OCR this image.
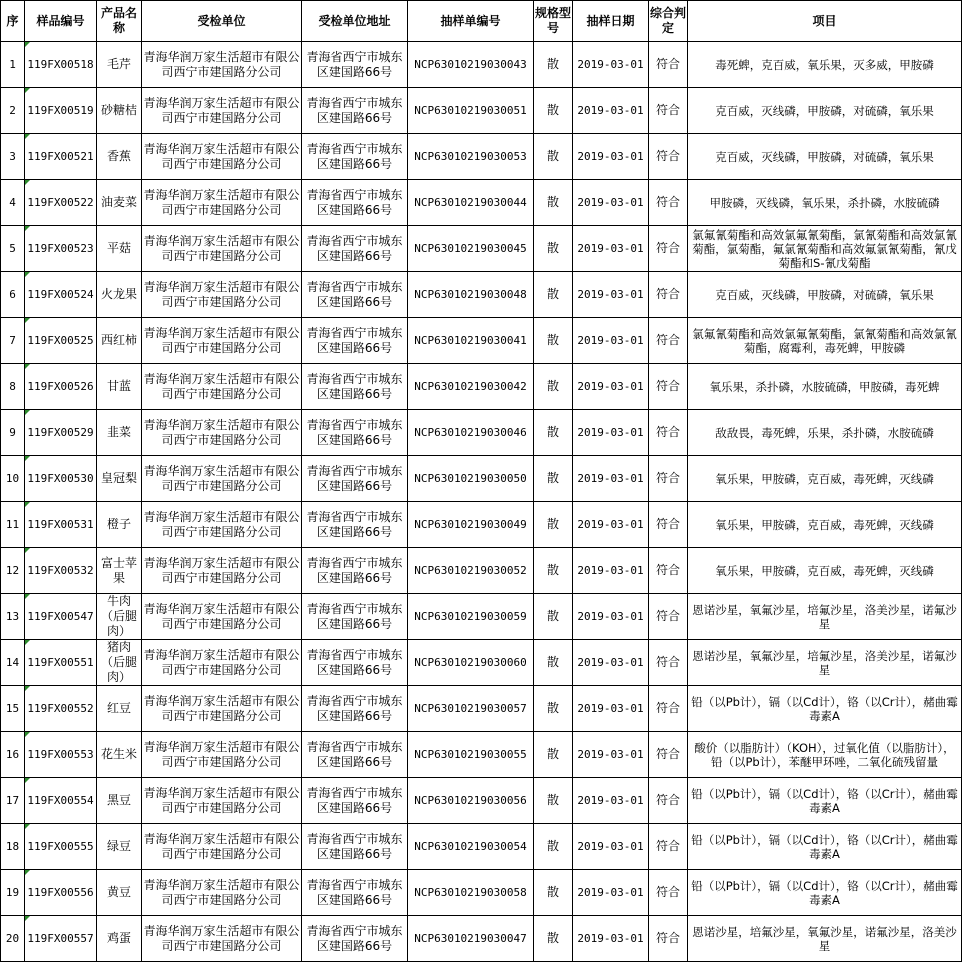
序	样品编号	产品名称	受检单位	受检单位地址	抽样单编号	规格型号	抽样日期	综合判定	项目
1	119FX00518	毛芹	青海华润万家生活超市有限公司西宁市建国路分公司	青海省西宁市城东区建国路66号	NCP63010219030043	散	2019-03-01	符合	毒死蜱，克百威，氧乐果，灭多威，甲胺磷
2	119FX00519	砂糖桔	青海华润万家生活超市有限公司西宁市建国路分公司	青海省西宁市城东区建国路66号	NCP63010219030051	散	2019-03-01	符合	克百威，灭线磷，甲胺磷，对硫磷，氧乐果
3	119FX00521	香蕉	青海华润万家生活超市有限公司西宁市建国路分公司	青海省西宁市城东区建国路66号	NCP63010219030053	散	2019-03-01	符合	克百威，灭线磷，甲胺磷，对硫磷，氧乐果
4	119FX00522	油麦菜	青海华润万家生活超市有限公司西宁市建国路分公司	青海省西宁市城东区建国路66号	NCP63010219030044	散	2019-03-01	符合	甲胺磷，灭线磷，氧乐果，杀扑磷，水胺硫磷
5	119FX00523	平菇	青海华润万家生活超市有限公司西宁市建国路分公司	青海省西宁市城东区建国路66号	NCP63010219030045	散	2019-03-01	符合	氯氟氰菊酯和高效氯氟氰菊酯，氯氰菊酯和高效氯氰菊酯，氯菊酯，氟氯氰菊酯和高效氟氯氰菊酯，氰戊菊酯和S-氰戊菊酯
6	119FX00524	火龙果	青海华润万家生活超市有限公司西宁市建国路分公司	青海省西宁市城东区建国路66号	NCP63010219030048	散	2019-03-01	符合	克百威，灭线磷，甲胺磷，对硫磷，氧乐果
7	119FX00525	西红柿	青海华润万家生活超市有限公司西宁市建国路分公司	青海省西宁市城东区建国路66号	NCP63010219030041	散	2019-03-01	符合	氯氟氰菊酯和高效氯氟氰菊酯，氯氰菊酯和高效氯氰菊酯，腐霉利，毒死蜱，甲胺磷
8	119FX00526	甘蓝	青海华润万家生活超市有限公司西宁市建国路分公司	青海省西宁市城东区建国路66号	NCP63010219030042	散	2019-03-01	符合	氧乐果，杀扑磷，水胺硫磷，甲胺磷，毒死蜱
9	119FX00529	韭菜	青海华润万家生活超市有限公司西宁市建国路分公司	青海省西宁市城东区建国路66号	NCP63010219030046	散	2019-03-01	符合	敌敌畏，毒死蜱，乐果，杀扑磷，水胺硫磷
10	119FX00530	皇冠梨	青海华润万家生活超市有限公司西宁市建国路分公司	青海省西宁市城东区建国路66号	NCP63010219030050	散	2019-03-01	符合	氧乐果，甲胺磷，克百威，毒死蜱，灭线磷
11	119FX00531	橙子	青海华润万家生活超市有限公司西宁市建国路分公司	青海省西宁市城东区建国路66号	NCP63010219030049	散	2019-03-01	符合	氧乐果，甲胺磷，克百威，毒死蜱，灭线磷
12	119FX00532	富士苹果	青海华润万家生活超市有限公司西宁市建国路分公司	青海省西宁市城东区建国路66号	NCP63010219030052	散	2019-03-01	符合	氧乐果，甲胺磷，克百威，毒死蜱，灭线磷
13	119FX00547	牛肉（后腿肉）	青海华润万家生活超市有限公司西宁市建国路分公司	青海省西宁市城东区建国路66号	NCP63010219030059	散	2019-03-01	符合	恩诺沙星，氧氟沙星，培氟沙星，洛美沙星，诺氟沙星
14	119FX00551	猪肉（后腿肉）	青海华润万家生活超市有限公司西宁市建国路分公司	青海省西宁市城东区建国路66号	NCP63010219030060	散	2019-03-01	符合	恩诺沙星，氧氟沙星，培氟沙星，洛美沙星，诺氟沙星
15	119FX00552	红豆	青海华润万家生活超市有限公司西宁市建国路分公司	青海省西宁市城东区建国路66号	NCP63010219030057	散	2019-03-01	符合	铅（以Pb计），镉（以Cd计），铬（以Cr计），赭曲霉毒素A
16	119FX00553	花生米	青海华润万家生活超市有限公司西宁市建国路分公司	青海省西宁市城东区建国路66号	NCP63010219030055	散	2019-03-01	符合	酸价（以脂肪计）（KOH），过氧化值（以脂肪计），铅（以Pb计），苯醚甲环唑，二氧化硫残留量
17	119FX00554	黑豆	青海华润万家生活超市有限公司西宁市建国路分公司	青海省西宁市城东区建国路66号	NCP63010219030056	散	2019-03-01	符合	铅（以Pb计），镉（以Cd计），铬（以Cr计），赭曲霉毒素A
18	119FX00555	绿豆	青海华润万家生活超市有限公司西宁市建国路分公司	青海省西宁市城东区建国路66号	NCP63010219030054	散	2019-03-01	符合	铅（以Pb计），镉（以Cd计），铬（以Cr计），赭曲霉毒素A
19	119FX00556	黄豆	青海华润万家生活超市有限公司西宁市建国路分公司	青海省西宁市城东区建国路66号	NCP63010219030058	散	2019-03-01	符合	铅（以Pb计），镉（以Cd计），铬（以Cr计），赭曲霉毒素A
20	119FX00557	鸡蛋	青海华润万家生活超市有限公司西宁市建国路分公司	青海省西宁市城东区建国路66号	NCP63010219030047	散	2019-03-01	符合	恩诺沙星，培氟沙星，氧氟沙星，诺氟沙星，洛美沙星
